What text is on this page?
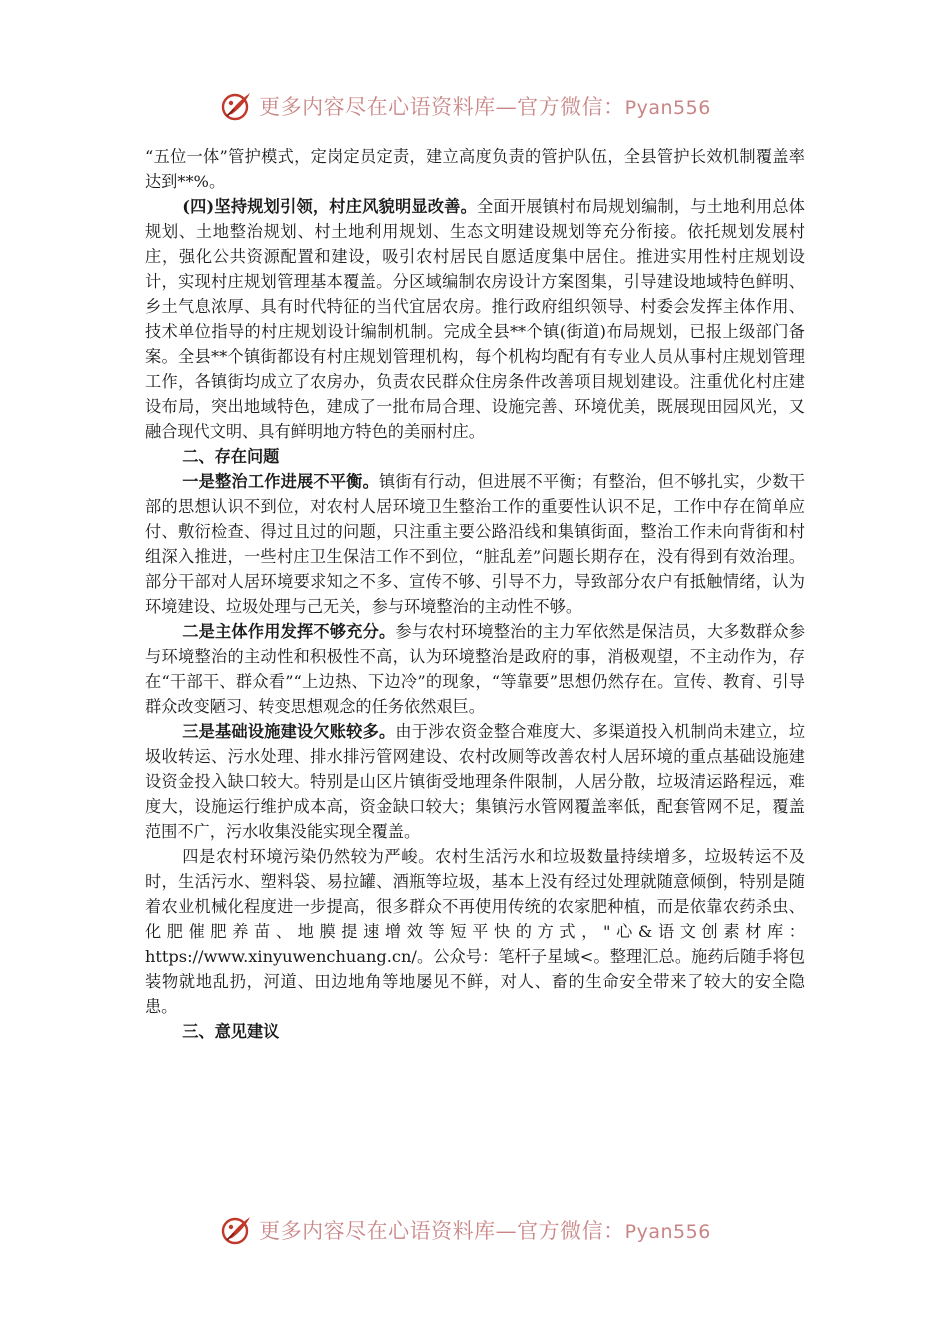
更多内容尽在心语资料库—官方微信：Pyan556

“五位一体”管护模式，定岗定员定责，建立高度负责的管护队伍，全县管护长效机制覆盖率达到**%。

(四)坚持规划引领，村庄风貌明显改善。全面开展镇村布局规划编制，与土地利用总体规划、土地整治规划、村土地利用规划、生态文明建设规划等充分衔接。依托规划发展村庄，强化公共资源配置和建设，吸引农村居民自愿适度集中居住。推进实用性村庄规划设计，实现村庄规划管理基本覆盖。分区域编制农房设计方案图集，引导建设地域特色鲜明、乡土气息浓厚、具有时代特征的当代宜居农房。推行政府组织领导、村委会发挥主体作用、技术单位指导的村庄规划设计编制机制。完成全县**个镇(街道)布局规划，已报上级部门备案。全县**个镇街都设有村庄规划管理机构，每个机构均配有有专业人员从事村庄规划管理工作，各镇街均成立了农房办，负责农民群众住房条件改善项目规划建设。注重优化村庄建设布局，突出地域特色，建成了一批布局合理、设施完善、环境优美，既展现田园风光，又融合现代文明、具有鲜明地方特色的美丽村庄。

二、存在问题

一是整治工作进展不平衡。镇街有行动，但进展不平衡；有整治，但不够扎实，少数干部的思想认识不到位，对农村人居环境卫生整治工作的重要性认识不足，工作中存在简单应付、敷衍检查、得过且过的问题，只注重主要公路沿线和集镇街面，整治工作未向背街和村组深入推进，一些村庄卫生保洁工作不到位，“脏乱差”问题长期存在，没有得到有效治理。部分干部对人居环境要求知之不多、宣传不够、引导不力，导致部分农户有抵触情绪，认为环境建设、垃圾处理与己无关，参与环境整治的主动性不够。

二是主体作用发挥不够充分。参与农村环境整治的主力军依然是保洁员，大多数群众参与环境整治的主动性和积极性不高，认为环境整治是政府的事，消极观望，不主动作为，存在“干部干、群众看”“上边热、下边冷”的现象，“等靠要”思想仍然存在。宣传、教育、引导群众改变陋习、转变思想观念的任务依然艰巨。

三是基础设施建设欠账较多。由于涉农资金整合难度大、多渠道投入机制尚未建立，垃圾收转运、污水处理、排水排污管网建设、农村改厕等改善农村人居环境的重点基础设施建设资金投入缺口较大。特别是山区片镇街受地理条件限制，人居分散，垃圾清运路程远，难度大，设施运行维护成本高，资金缺口较大；集镇污水管网覆盖率低，配套管网不足，覆盖范围不广，污水收集没能实现全覆盖。

四是农村环境污染仍然较为严峻。农村生活污水和垃圾数量持续增多，垃圾转运不及时，生活污水、塑料袋、易拉罐、酒瓶等垃圾，基本上没有经过处理就随意倾倒，特别是随着农业机械化程度进一步提高，很多群众不再使用传统的农家肥种植，而是依靠农药杀虫、化肥催肥养苗、地膜提速增效等短平快的方式，"心&语文创素材库：https://www.xinyuwenchuang.cn/。公众号：笔杆子星域<。整理汇总。施药后随手将包装物就地乱扔，河道、田边地角等地屡见不鲜，对人、畜的生命安全带来了较大的安全隐患。

三、意见建议

更多内容尽在心语资料库—官方微信：Pyan556
